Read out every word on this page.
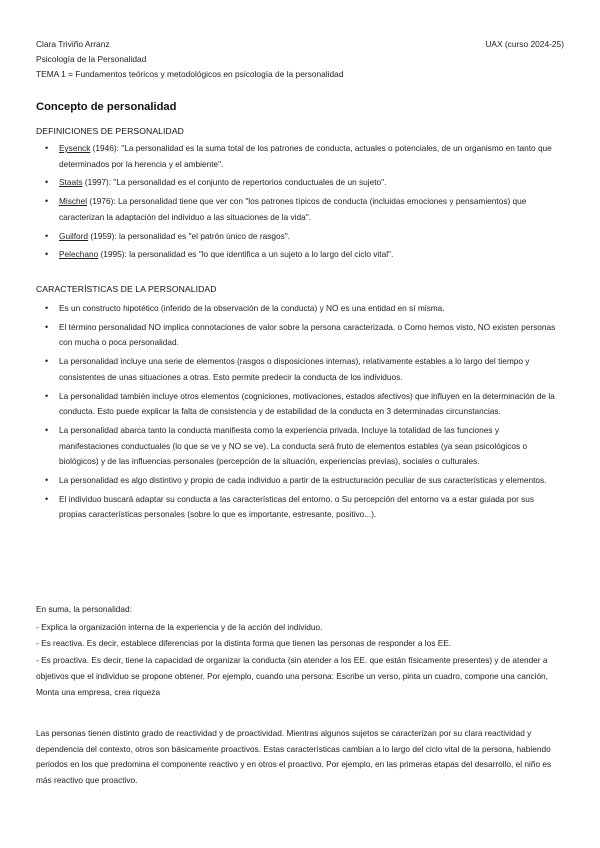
Clara Triviño Arranz	UAX (curso 2024-25)
Psicología de la Personalidad
TEMA 1 = Fundamentos teóricos y metodológicos en psicología de la personalidad
Concepto de personalidad
DEFINICIONES DE PERSONALIDAD
• Eysenck (1946): "La personalidad es la suma total de los patrones de conducta, actuales o potenciales, de un organismo en tanto que determinados por la herencia y el ambiente".
• Staats (1997): "La personalidad es el conjunto de repertorios conductuales de un sujeto".
• Mischel (1976): La personalidad tiene que ver con "los patrones típicos de conducta (incluidas emociones y pensamientos) que caracterizan la adaptación del individuo a las situaciones de la vida".
• Guilford (1959): la personalidad es "el patrón único de rasgos".
• Pelechano (1995): la personalidad es "lo que identifica a un sujeto a lo largo del ciclo vital".
CARACTERÍSTICAS DE LA PERSONALIDAD
• Es un constructo hipotético (inferido de la observación de la conducta) y NO es una entidad en sí misma.
• El término personalidad NO implica connotaciones de valor sobre la persona caracterizada. o Como hemos visto, NO existen personas con mucha o poca personalidad.
• La personalidad incluye una serie de elementos (rasgos o disposiciones internas), relativamente estables a lo largo del tiempo y consistentes de unas situaciones a otras. Esto permite predecir la conducta de los individuos.
• La personalidad también incluye otros elementos (cogniciones, motivaciones, estados afectivos) que influyen en la determinación de la conducta. Esto puede explicar la falta de consistencia y de estabilidad de la conducta en 3 determinadas circunstancias.
• La personalidad abarca tanto la conducta manifiesta como la experiencia privada. Incluye la totalidad de las funciones y manifestaciones conductuales (lo que se ve y NO se ve). La conducta será fruto de elementos estables (ya sean psicológicos o biológicos) y de las influencias personales (percepción de la situación, experiencias previas), sociales o culturales.
• La personalidad es algo distintivo y propio de cada individuo a partir de la estructuración peculiar de sus características y elementos.
• El individuo buscará adaptar su conducta a las características del entorno. o Su percepción del entorno va a estar guiada por sus propias características personales (sobre lo que es importante, estresante, positivo...).
En suma, la personalidad:
- Explica la organización interna de la experiencia y de la acción del individuo.
- Es reactiva. Es decir, establece diferencias por la distinta forma que tienen las personas de responder a los EE.
- Es proactiva. Es decir, tiene la capacidad de organizar la conducta (sin atender a los EE. que están físicamente presentes) y de atender a objetivos que el individuo se propone obtener. Por ejemplo, cuando una persona: Escribe un verso, pinta un cuadro, compone una canción, Monta una empresa, crea riqueza

Las personas tienen distinto grado de reactividad y de proactividad. Mientras algunos sujetos se caracterizan por su clara reactividad y dependencia del contexto, otros son básicamente proactivos. Estas características cambian a lo largo del ciclo vital de la persona, habiendo periodos en los que predomina el componente reactivo y en otros el proactivo. Por ejemplo, en las primeras etapas del desarrollo, el niño es más reactivo que proactivo.
